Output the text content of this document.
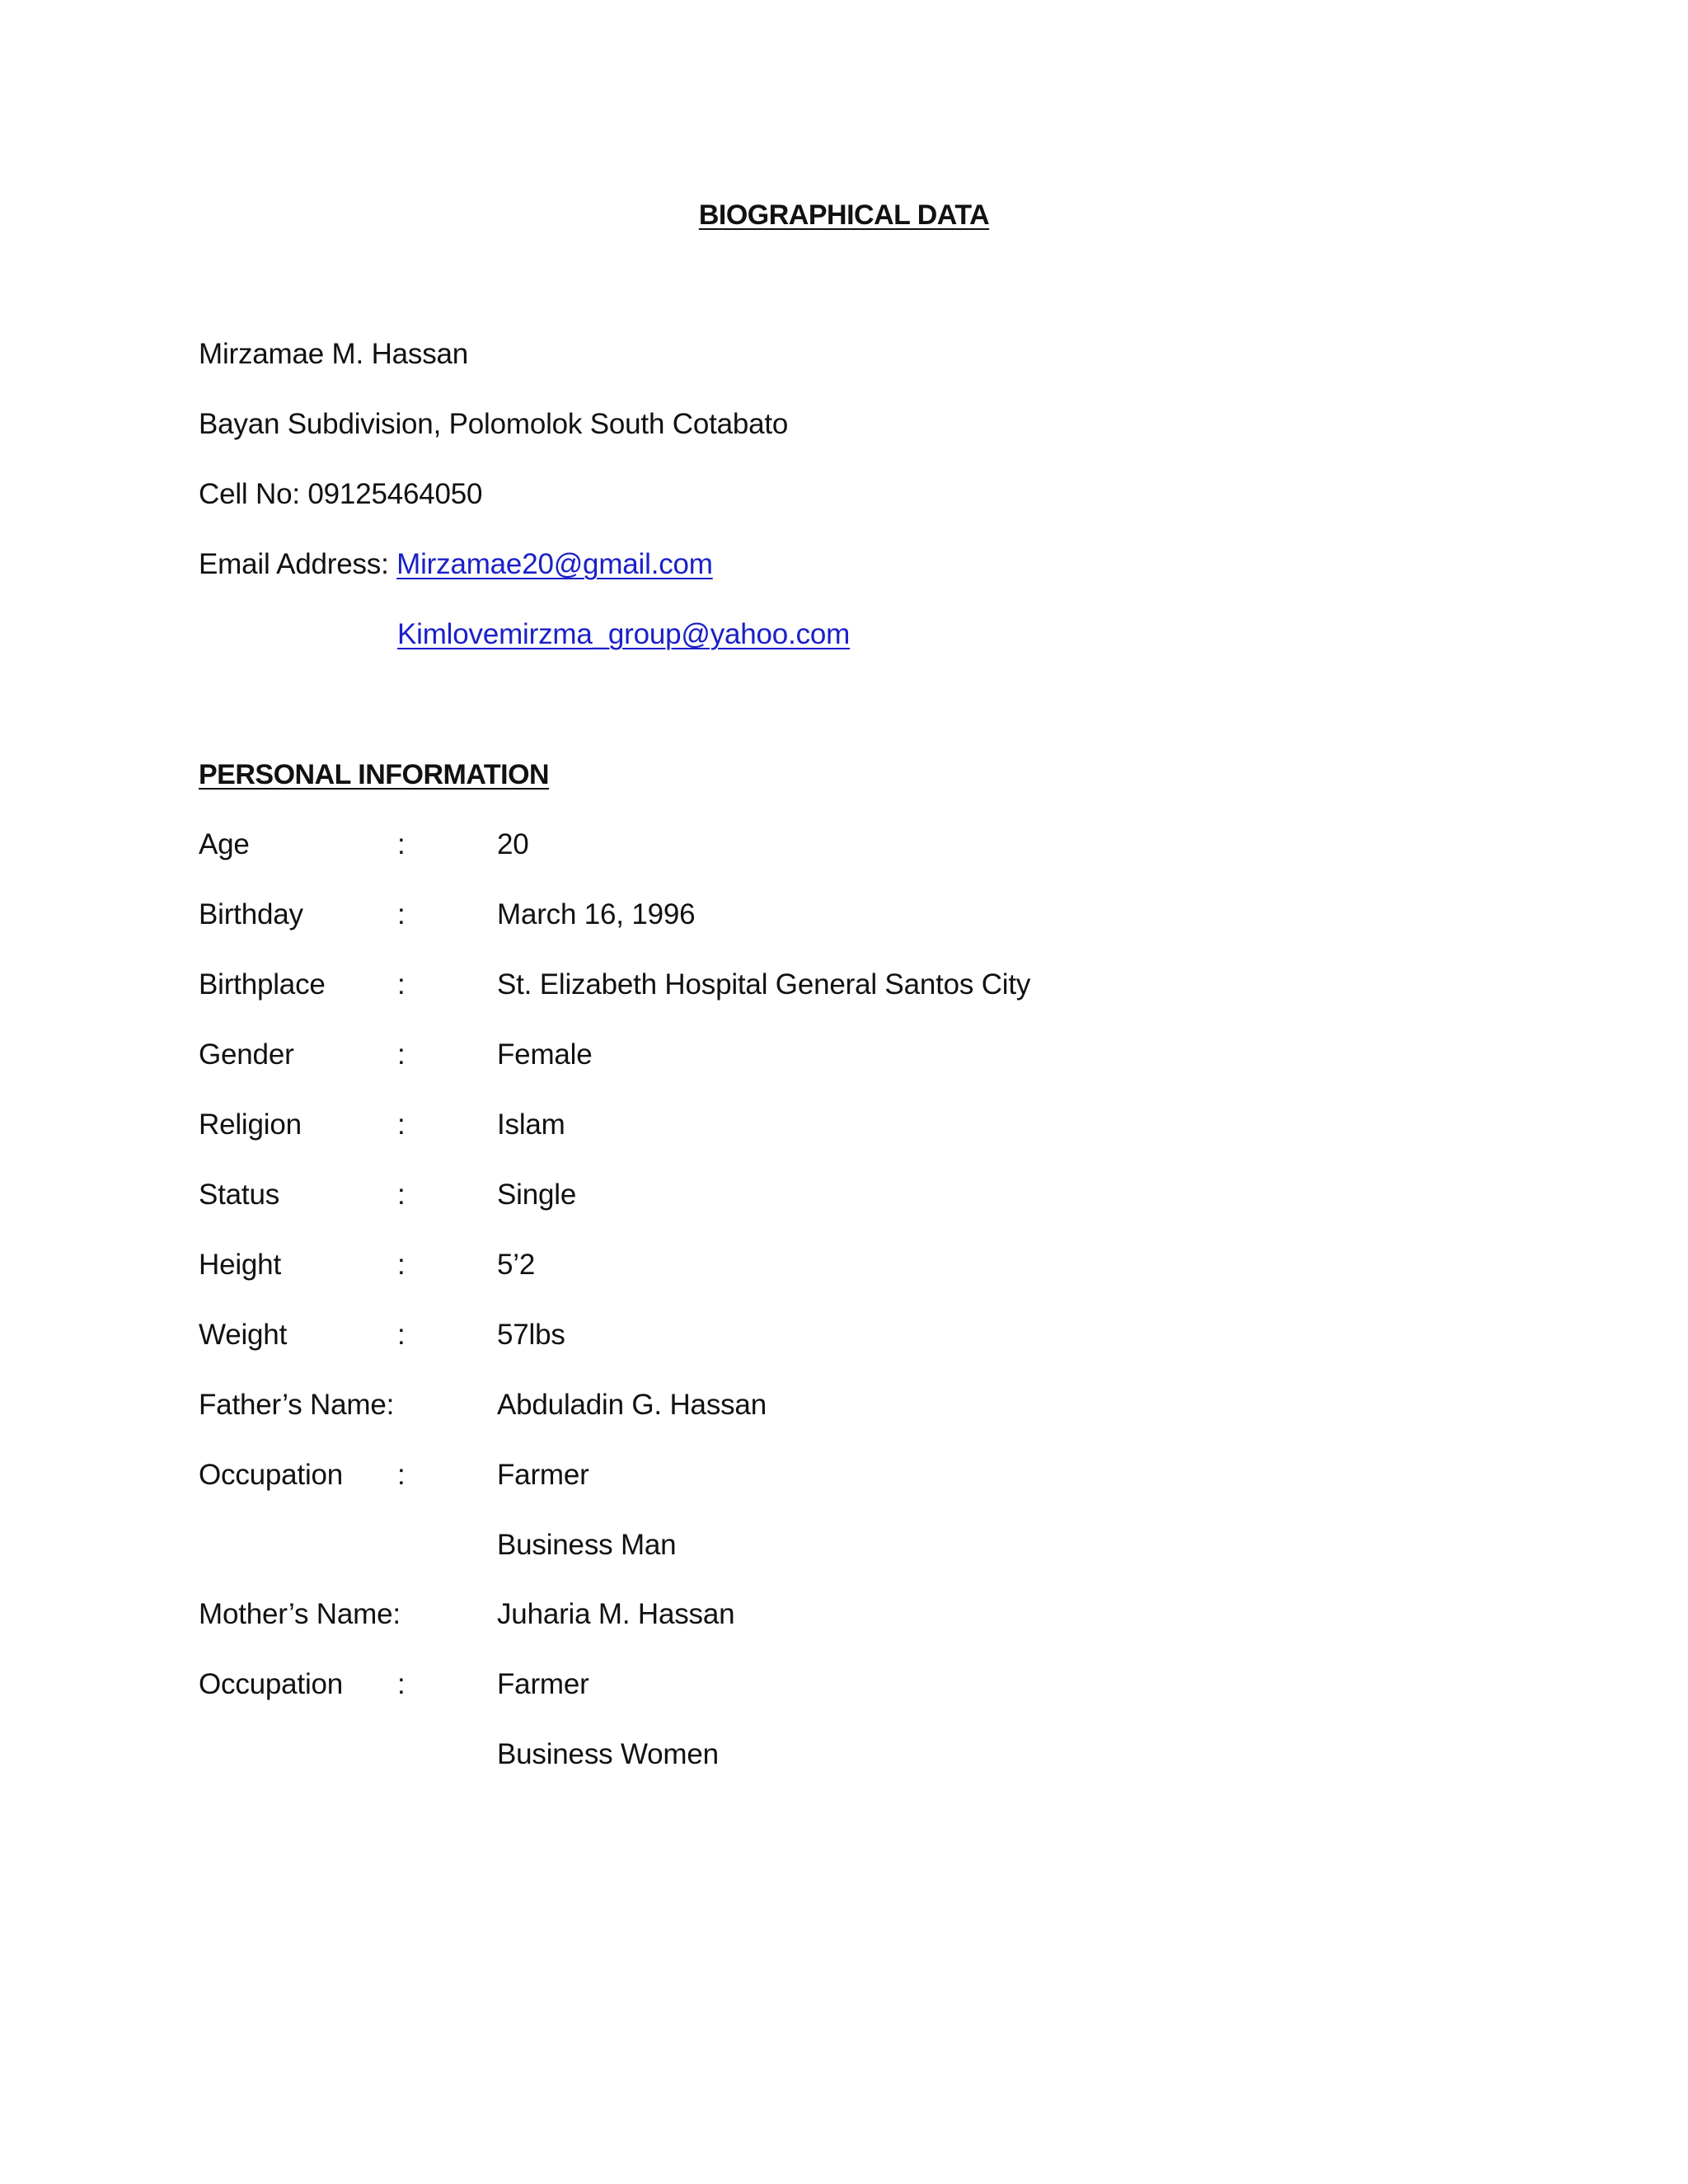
BIOGRAPHICAL DATA
Mirzamae M. Hassan
Bayan Subdivision, Polomolok South Cotabato
Cell No: 09125464050
Email Address: Mirzamae20@gmail.com
Kimlovemirzma_group@yahoo.com
PERSONAL INFORMATION
Age	:	20
Birthday	:	March 16, 1996
Birthplace :	St. Elizabeth Hospital General Santos City
Gender	:	Female
Religion	:	Islam
Status	:	Single
Height	:	5’2
Weight	:	57lbs
Father’s Name:	Abduladin G. Hassan
Occupation :	Farmer
Business Man
Mother’s Name:	Juharia M. Hassan
Occupation :	Farmer
Business Women
